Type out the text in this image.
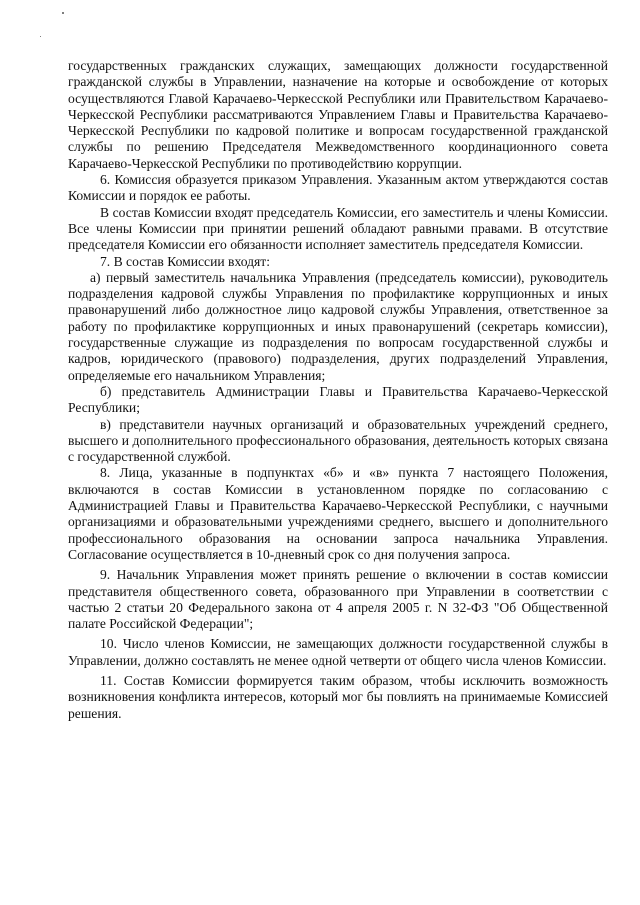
государственных гражданских служащих, замещающих должности государственной гражданской службы в Управлении, назначение на которые и освобождение от которых осуществляются Главой Карачаево-Черкесской Республики или Правительством Карачаево-Черкесской Республики рассматриваются Управлением Главы и Правительства Карачаево-Черкесской Республики по кадровой политике и вопросам государственной гражданской службы по решению Председателя Межведомственного координационного совета Карачаево-Черкесской Республики по противодействию коррупции.

6. Комиссия образуется приказом Управления. Указанным актом утверждаются состав Комиссии и порядок ее работы.

В состав Комиссии входят председатель Комиссии, его заместитель и члены Комиссии. Все члены Комиссии при принятии решений обладают равными правами. В отсутствие председателя Комиссии его обязанности исполняет заместитель председателя Комиссии.

7. В состав Комиссии входят:

а) первый заместитель начальника Управления (председатель комиссии), руководитель подразделения кадровой службы Управления по профилактике коррупционных и иных правонарушений либо должностное лицо кадровой службы Управления, ответственное за работу по профилактике коррупционных и иных правонарушений (секретарь комиссии), государственные служащие из подразделения по вопросам государственной службы и кадров, юридического (правового) подразделения, других подразделений Управления, определяемые его начальником Управления;

б) представитель Администрации Главы и Правительства Карачаево-Черкесской Республики;

в) представители научных организаций и образовательных учреждений среднего, высшего и дополнительного профессионального образования, деятельность которых связана с государственной службой.

8. Лица, указанные в подпунктах «б» и «в» пункта 7 настоящего Положения, включаются в состав Комиссии в установленном порядке по согласованию с Администрацией Главы и Правительства Карачаево-Черкесской Республики, с научными организациями и образовательными учреждениями среднего, высшего и дополнительного профессионального образования на основании запроса начальника Управления. Согласование осуществляется в 10-дневный срок со дня получения запроса.

9. Начальник Управления может принять решение о включении в состав комиссии представителя общественного совета, образованного при Управлении в соответствии с частью 2 статьи 20 Федерального закона от 4 апреля 2005 г. N 32-ФЗ "Об Общественной палате Российской Федерации";

10. Число членов Комиссии, не замещающих должности государственной службы в Управлении, должно составлять не менее одной четверти от общего числа членов Комиссии.

11. Состав Комиссии формируется таким образом, чтобы исключить возможность возникновения конфликта интересов, который мог бы повлиять на принимаемые Комиссией решения.
